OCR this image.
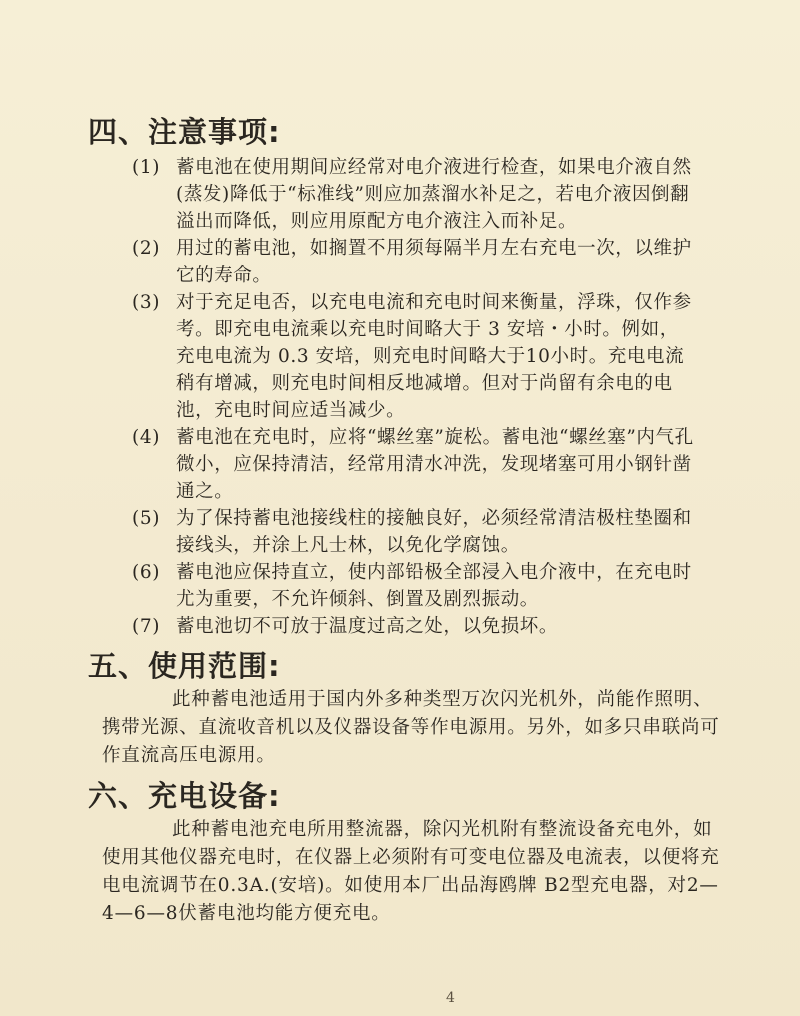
四、注意事项:
(1) 蓄电池在使用期间应经常对电介液进行检查，如果电介液自然(蒸发)降低于“标准线”则应加蒸溜水补足之，若电介液因倒翻溢出而降低，则应用原配方电介液注入而补足。
(2) 用过的蓄电池，如搁置不用须每隔半月左右充电一次，以维护它的寿命。
(3) 对于充足电否，以充电电流和充电时间来衡量，浮珠，仅作参考。即充电电流乘以充电时间略大于 3 安培・小时。例如，充电电流为 0.3 安培，则充电时间略大于10小时。充电电流稍有增减，则充电时间相反地减增。但对于尚留有余电的电池，充电时间应适当减少。
(4) 蓄电池在充电时，应将“螺丝塞”旋松。蓄电池“螺丝塞”内气孔微小，应保持清洁，经常用清水冲洗，发现堵塞可用小钢针凿通之。
(5) 为了保持蓄电池接线柱的接触良好，必须经常清洁极柱垫圈和接线头，并涂上凡士林，以免化学腐蚀。
(6) 蓄电池应保持直立，使内部铅极全部浸入电介液中，在充电时尤为重要，不允许倾斜、倒置及剧烈振动。
(7) 蓄电池切不可放于温度过高之处，以免损坏。
五、使用范围:
此种蓄电池适用于国内外多种类型万次闪光机外，尚能作照明、携带光源、直流收音机以及仪器设备等作电源用。另外，如多只串联尚可作直流高压电源用。
六、充电设备:
此种蓄电池充电所用整流器，除闪光机附有整流设备充电外，如使用其他仪器充电时，在仪器上必须附有可变电位器及电流表，以便将充电电流调节在0.3A.(安培)。如使用本厂出品海鸥牌 B2型充电器，对2—4—6—8伏蓄电池均能方便充电。
4
